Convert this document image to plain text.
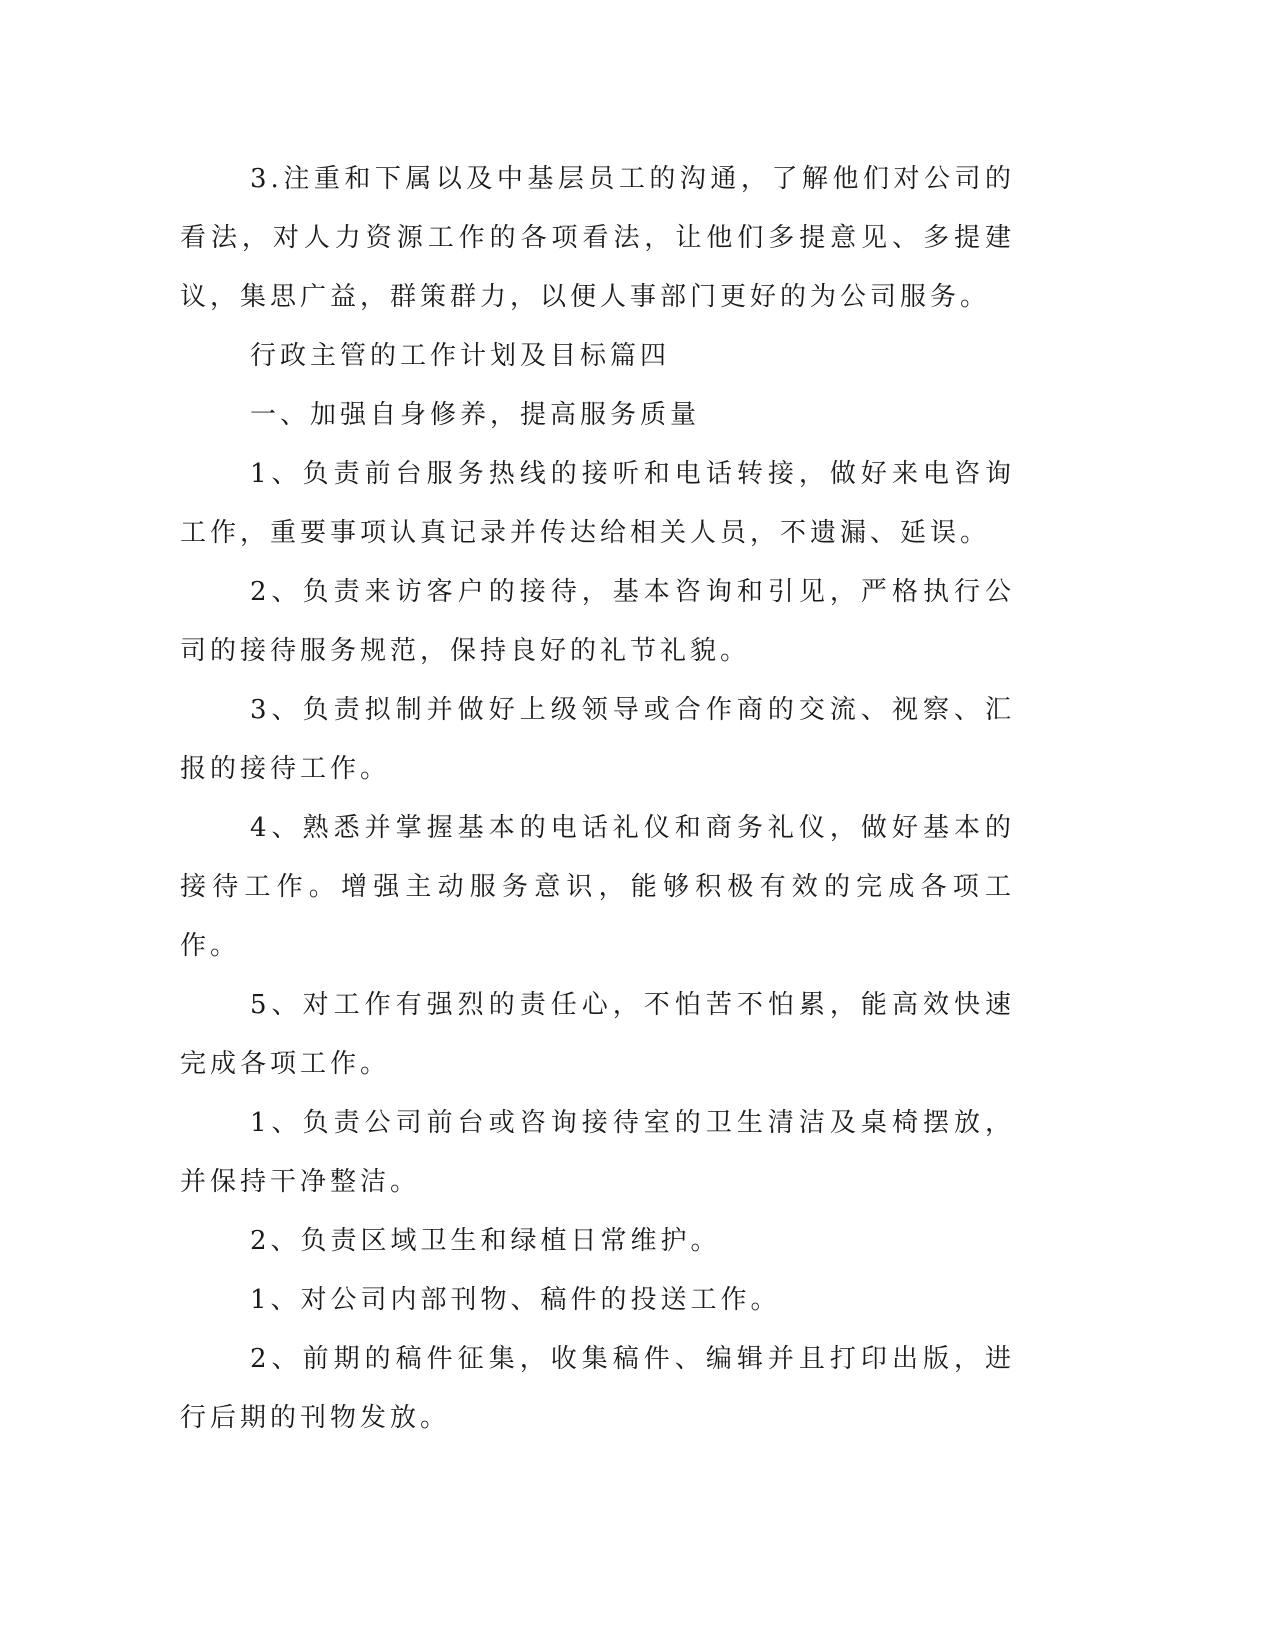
3.注重和下属以及中基层员工的沟通，了解他们对公司的看法，对人力资源工作的各项看法，让他们多提意见、多提建议，集思广益，群策群力，以便人事部门更好的为公司服务。

行政主管的工作计划及目标篇四

一、加强自身修养，提高服务质量

1、负责前台服务热线的接听和电话转接，做好来电咨询工作，重要事项认真记录并传达给相关人员，不遗漏、延误。

2、负责来访客户的接待，基本咨询和引见，严格执行公司的接待服务规范，保持良好的礼节礼貌。

3、负责拟制并做好上级领导或合作商的交流、视察、汇报的接待工作。

4、熟悉并掌握基本的电话礼仪和商务礼仪，做好基本的接待工作。增强主动服务意识，能够积极有效的完成各项工作。

5、对工作有强烈的责任心，不怕苦不怕累，能高效快速完成各项工作。

1、负责公司前台或咨询接待室的卫生清洁及桌椅摆放，并保持干净整洁。

2、负责区域卫生和绿植日常维护。

1、对公司内部刊物、稿件的投送工作。

2、前期的稿件征集，收集稿件、编辑并且打印出版，进行后期的刊物发放。
